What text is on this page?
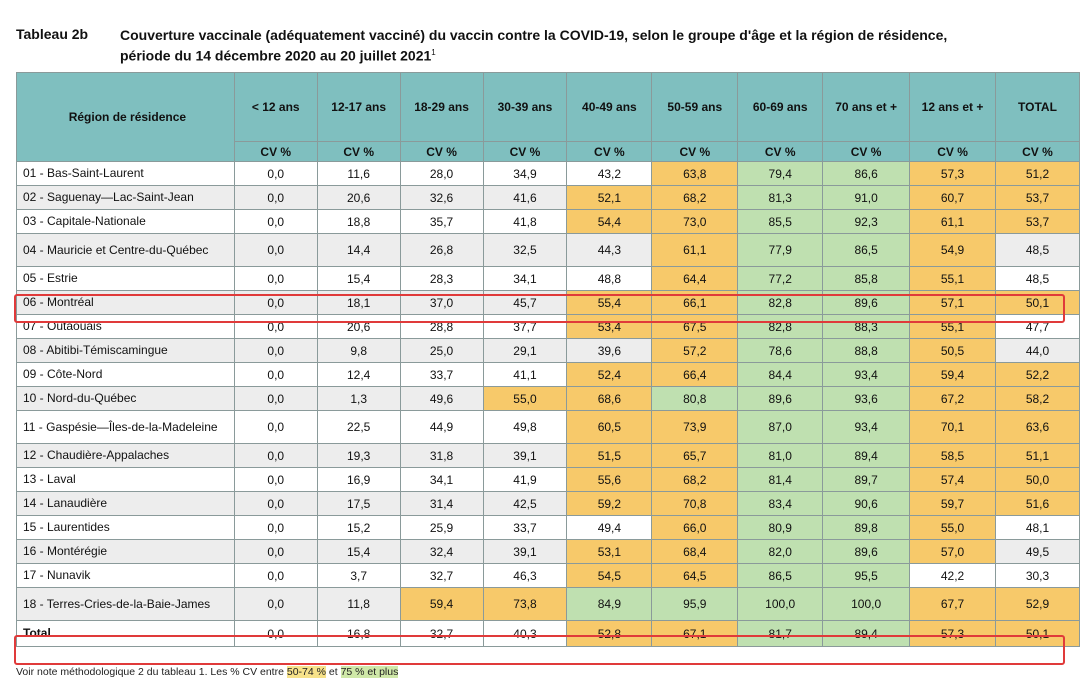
Tableau 2b Couverture vaccinale (adéquatement vacciné) du vaccin contre la COVID-19, selon le groupe d'âge et la région de résidence,
période du 14 décembre 2020 au 20 juillet 2021$^1$
Région de résidence	< 12 ans	12-17 ans	18-29 ans	30-39 ans	40-49 ans	50-59 ans	60-69 ans	70 ans et +	12 ans et +	TOTAL
	CV %	CV %	CV %	CV %	CV %	CV %	CV %	CV %	CV %	CV %
01 - Bas-Saint-Laurent	0,0	11,6	28,0	34,9	43,2	63,8	79,4	86,6	57,3	51,2
02 - Saguenay—Lac-Saint-Jean	0,0	20,6	32,6	41,6	52,1	68,2	81,3	91,0	60,7	53,7
03 - Capitale-Nationale	0,0	18,8	35,7	41,8	54,4	73,0	85,5	92,3	61,1	53,7
04 - Mauricie et Centre-du-Québec	0,0	14,4	26,8	32,5	44,3	61,1	77,9	86,5	54,9	48,5
05 - Estrie	0,0	15,4	28,3	34,1	48,8	64,4	77,2	85,8	55,1	48,5
06 - Montréal	0,0	18,1	37,0	45,7	55,4	66,1	82,8	89,6	57,1	50,1
07 - Outaouais	0,0	20,6	28,8	37,7	53,4	67,5	82,8	88,3	55,1	47,7
08 - Abitibi-Témiscamingue	0,0	9,8	25,0	29,1	39,6	57,2	78,6	88,8	50,5	44,0
09 - Côte-Nord	0,0	12,4	33,7	41,1	52,4	66,4	84,4	93,4	59,4	52,2
10 - Nord-du-Québec	0,0	1,3	49,6	55,0	68,6	80,8	89,6	93,6	67,2	58,2
11 - Gaspésie—Îles-de-la-Madeleine	0,0	22,5	44,9	49,8	60,5	73,9	87,0	93,4	70,1	63,6
12 - Chaudière-Appalaches	0,0	19,3	31,8	39,1	51,5	65,7	81,0	89,4	58,5	51,1
13 - Laval	0,0	16,9	34,1	41,9	55,6	68,2	81,4	89,7	57,4	50,0
14 - Lanaudière	0,0	17,5	31,4	42,5	59,2	70,8	83,4	90,6	59,7	51,6
15 - Laurentides	0,0	15,2	25,9	33,7	49,4	66,0	80,9	89,8	55,0	48,1
16 - Montérégie	0,0	15,4	32,4	39,1	53,1	68,4	82,0	89,6	57,0	49,5
17 - Nunavik	0,0	3,7	32,7	46,3	54,5	64,5	86,5	95,5	42,2	30,3
18 - Terres-Cries-de-la-Baie-James	0,0	11,8	59,4	73,8	84,9	95,9	100,0	100,0	67,7	52,9
Total	0,0	16,8	32,7	40,3	52,8	67,1	81,7	89,4	57,3	50,1
Voir note méthodologique 2 du tableau 1. Les % CV entre 50-74 % et 75 % et plus
